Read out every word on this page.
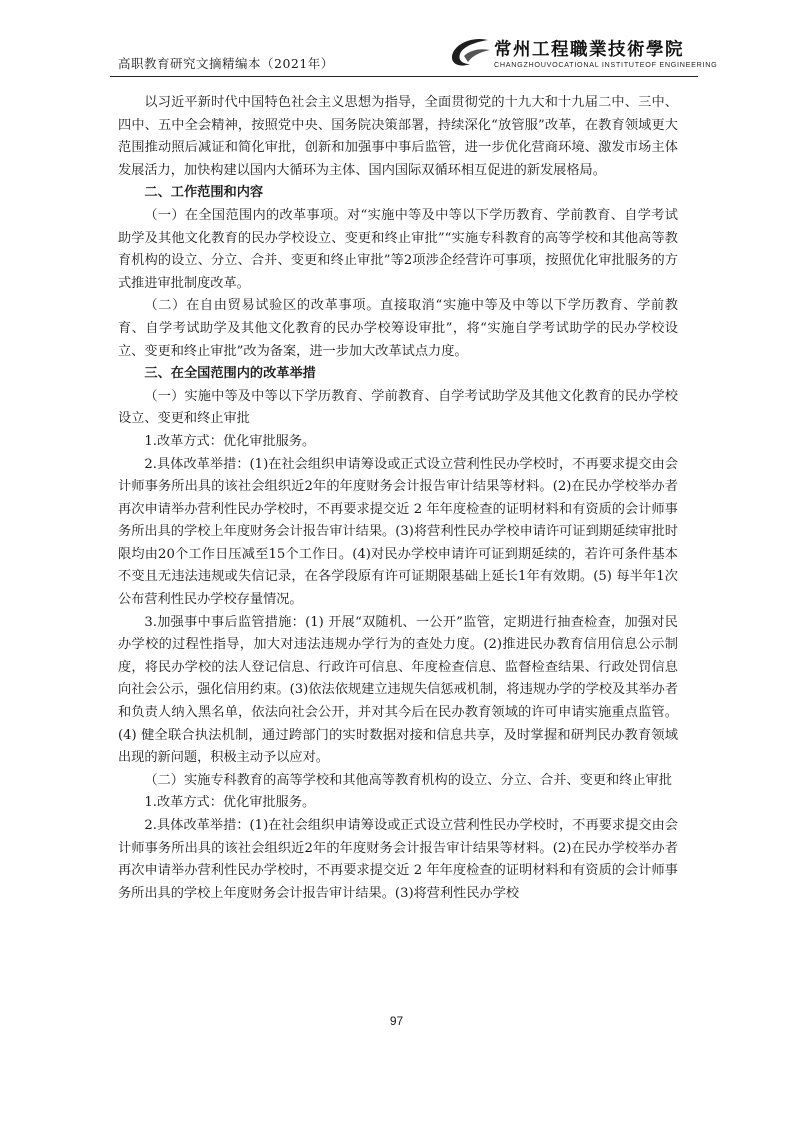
高职教育研究文摘精编本（2021年）
常州工程職業技術學院
CHANGZHOUVOCATIONAL INSTITUTEOF ENGINEERING

以习近平新时代中国特色社会主义思想为指导，全面贯彻党的十九大和十九届二中、三中、四中、五中全会精神，按照党中央、国务院决策部署，持续深化“放管服”改革，在教育领域更大范围推动照后减证和简化审批，创新和加强事中事后监管，进一步优化营商环境、激发市场主体发展活力，加快构建以国内大循环为主体、国内国际双循环相互促进的新发展格局。

二、工作范围和内容

（一）在全国范围内的改革事项。对“实施中等及中等以下学历教育、学前教育、自学考试助学及其他文化教育的民办学校设立、变更和终止审批”“实施专科教育的高等学校和其他高等教育机构的设立、分立、合并、变更和终止审批”等2项涉企经营许可事项，按照优化审批服务的方式推进审批制度改革。

（二）在自由贸易试验区的改革事项。直接取消“实施中等及中等以下学历教育、学前教育、自学考试助学及其他文化教育的民办学校筹设审批”，将“实施自学考试助学的民办学校设立、变更和终止审批”改为备案，进一步加大改革试点力度。

三、在全国范围内的改革举措

（一）实施中等及中等以下学历教育、学前教育、自学考试助学及其他文化教育的民办学校设立、变更和终止审批

1.改革方式：优化审批服务。

2.具体改革举措：(1)在社会组织申请筹设或正式设立营利性民办学校时，不再要求提交由会计师事务所出具的该社会组织近2年的年度财务会计报告审计结果等材料。(2)在民办学校举办者再次申请举办营利性民办学校时，不再要求提交近 2 年年度检查的证明材料和有资质的会计师事务所出具的学校上年度财务会计报告审计结果。(3)将营利性民办学校申请许可证到期延续审批时限均由20个工作日压减至15个工作日。(4)对民办学校申请许可证到期延续的，若许可条件基本不变且无违法违规或失信记录，在各学段原有许可证期限基础上延长1年有效期。(5) 每半年1次公布营利性民办学校存量情况。

3.加强事中事后监管措施：(1) 开展“双随机、一公开”监管，定期进行抽查检查，加强对民办学校的过程性指导，加大对违法违规办学行为的查处力度。(2)推进民办教育信用信息公示制度，将民办学校的法人登记信息、行政许可信息、年度检查信息、监督检查结果、行政处罚信息向社会公示，强化信用约束。(3)依法依规建立违规失信惩戒机制，将违规办学的学校及其举办者和负责人纳入黑名单，依法向社会公开，并对其今后在民办教育领域的许可申请实施重点监管。(4) 健全联合执法机制，通过跨部门的实时数据对接和信息共享，及时掌握和研判民办教育领域出现的新问题，积极主动予以应对。

（二）实施专科教育的高等学校和其他高等教育机构的设立、分立、合并、变更和终止审批

1.改革方式：优化审批服务。

2.具体改革举措：(1)在社会组织申请筹设或正式设立营利性民办学校时，不再要求提交由会计师事务所出具的该社会组织近2年的年度财务会计报告审计结果等材料。(2)在民办学校举办者再次申请举办营利性民办学校时，不再要求提交近 2 年年度检查的证明材料和有资质的会计师事务所出具的学校上年度财务会计报告审计结果。(3)将营利性民办学校

97
